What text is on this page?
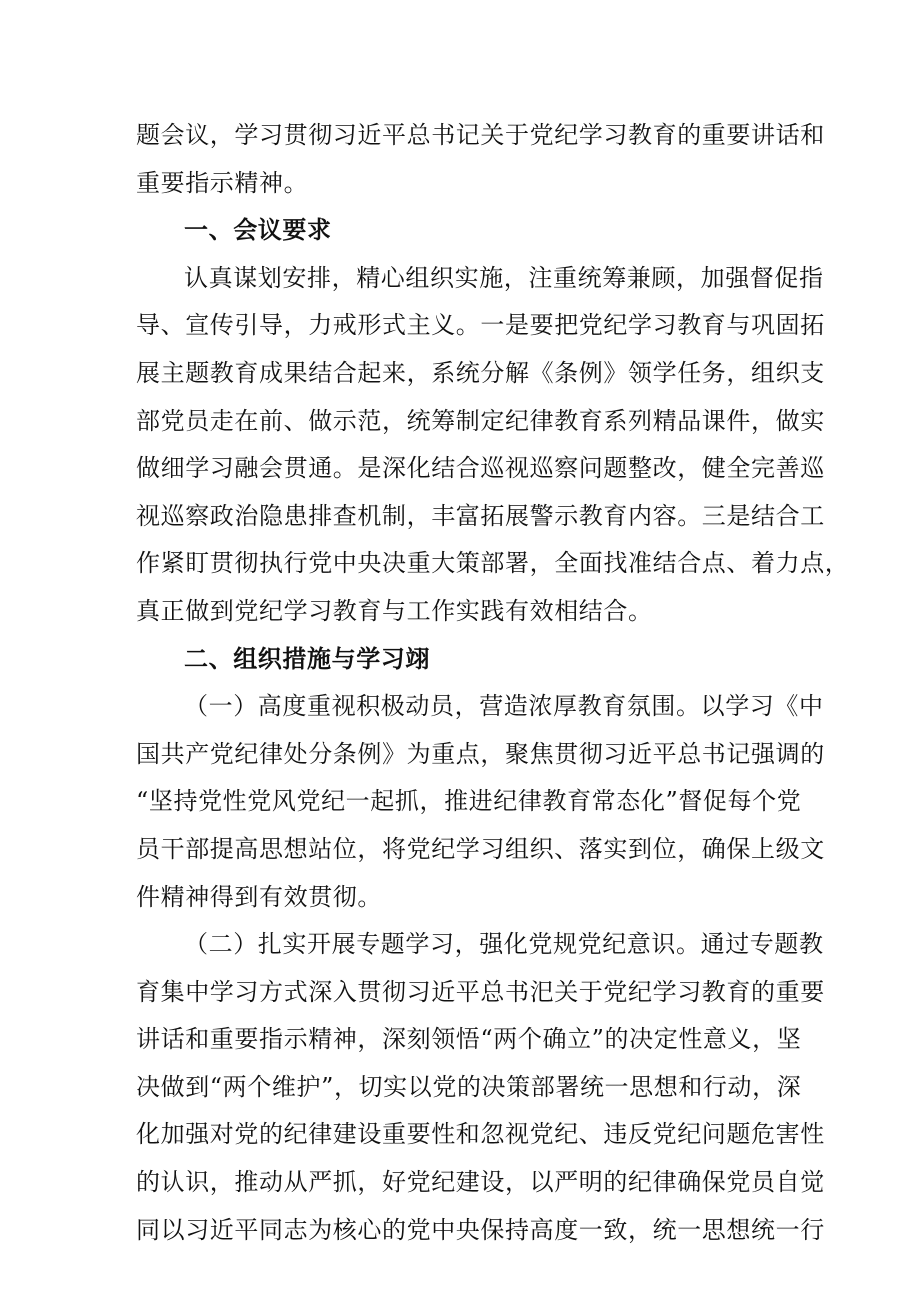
题会议，学习贯彻习近平总书记关于党纪学习教育的重要讲话和
重要指示精神。
一、会议要求
认真谋划安排，精心组织实施，注重统筹兼顾，加强督促指
导、宣传引导，力戒形式主义。一是要把党纪学习教育与巩固拓
展主题教育成果结合起来，系统分解《条例》领学任务，组织支
部党员走在前、做示范，统筹制定纪律教育系列精品课件，做实
做细学习融会贯通。是深化结合巡视巡察问题整改，健全完善巡
视巡察政治隐患排查机制，丰富拓展警示教育内容。三是结合工
作紧盯贯彻执行党中央决重大策部署，全面找准结合点、着力点，
真正做到党纪学习教育与工作实践有效相结合。
二、组织措施与学习翊
（一）高度重视积极动员，营造浓厚教育氛围。以学习《中
国共产党纪律处分条例》为重点，聚焦贯彻习近平总书记强调的
“坚持党性党风党纪一起抓，推进纪律教育常态化”督促每个党
员干部提高思想站位，将党纪学习组织、落实到位，确保上级文
件精神得到有效贯彻。
（二）扎实开展专题学习，强化党规党纪意识。通过专题教
育集中学习方式深入贯彻习近平总书汜关于党纪学习教育的重要
讲话和重要指示精神，深刻领悟“两个确立”的决定性意义，坚
决做到“两个维护”，切实以党的决策部署统一思想和行动，深
化加强对党的纪律建设重要性和忽视党纪、违反党纪问题危害性
的认识，推动从严抓，好党纪建设，以严明的纪律确保党员自觉
同以习近平同志为核心的党中央保持高度一致，统一思想统一行
